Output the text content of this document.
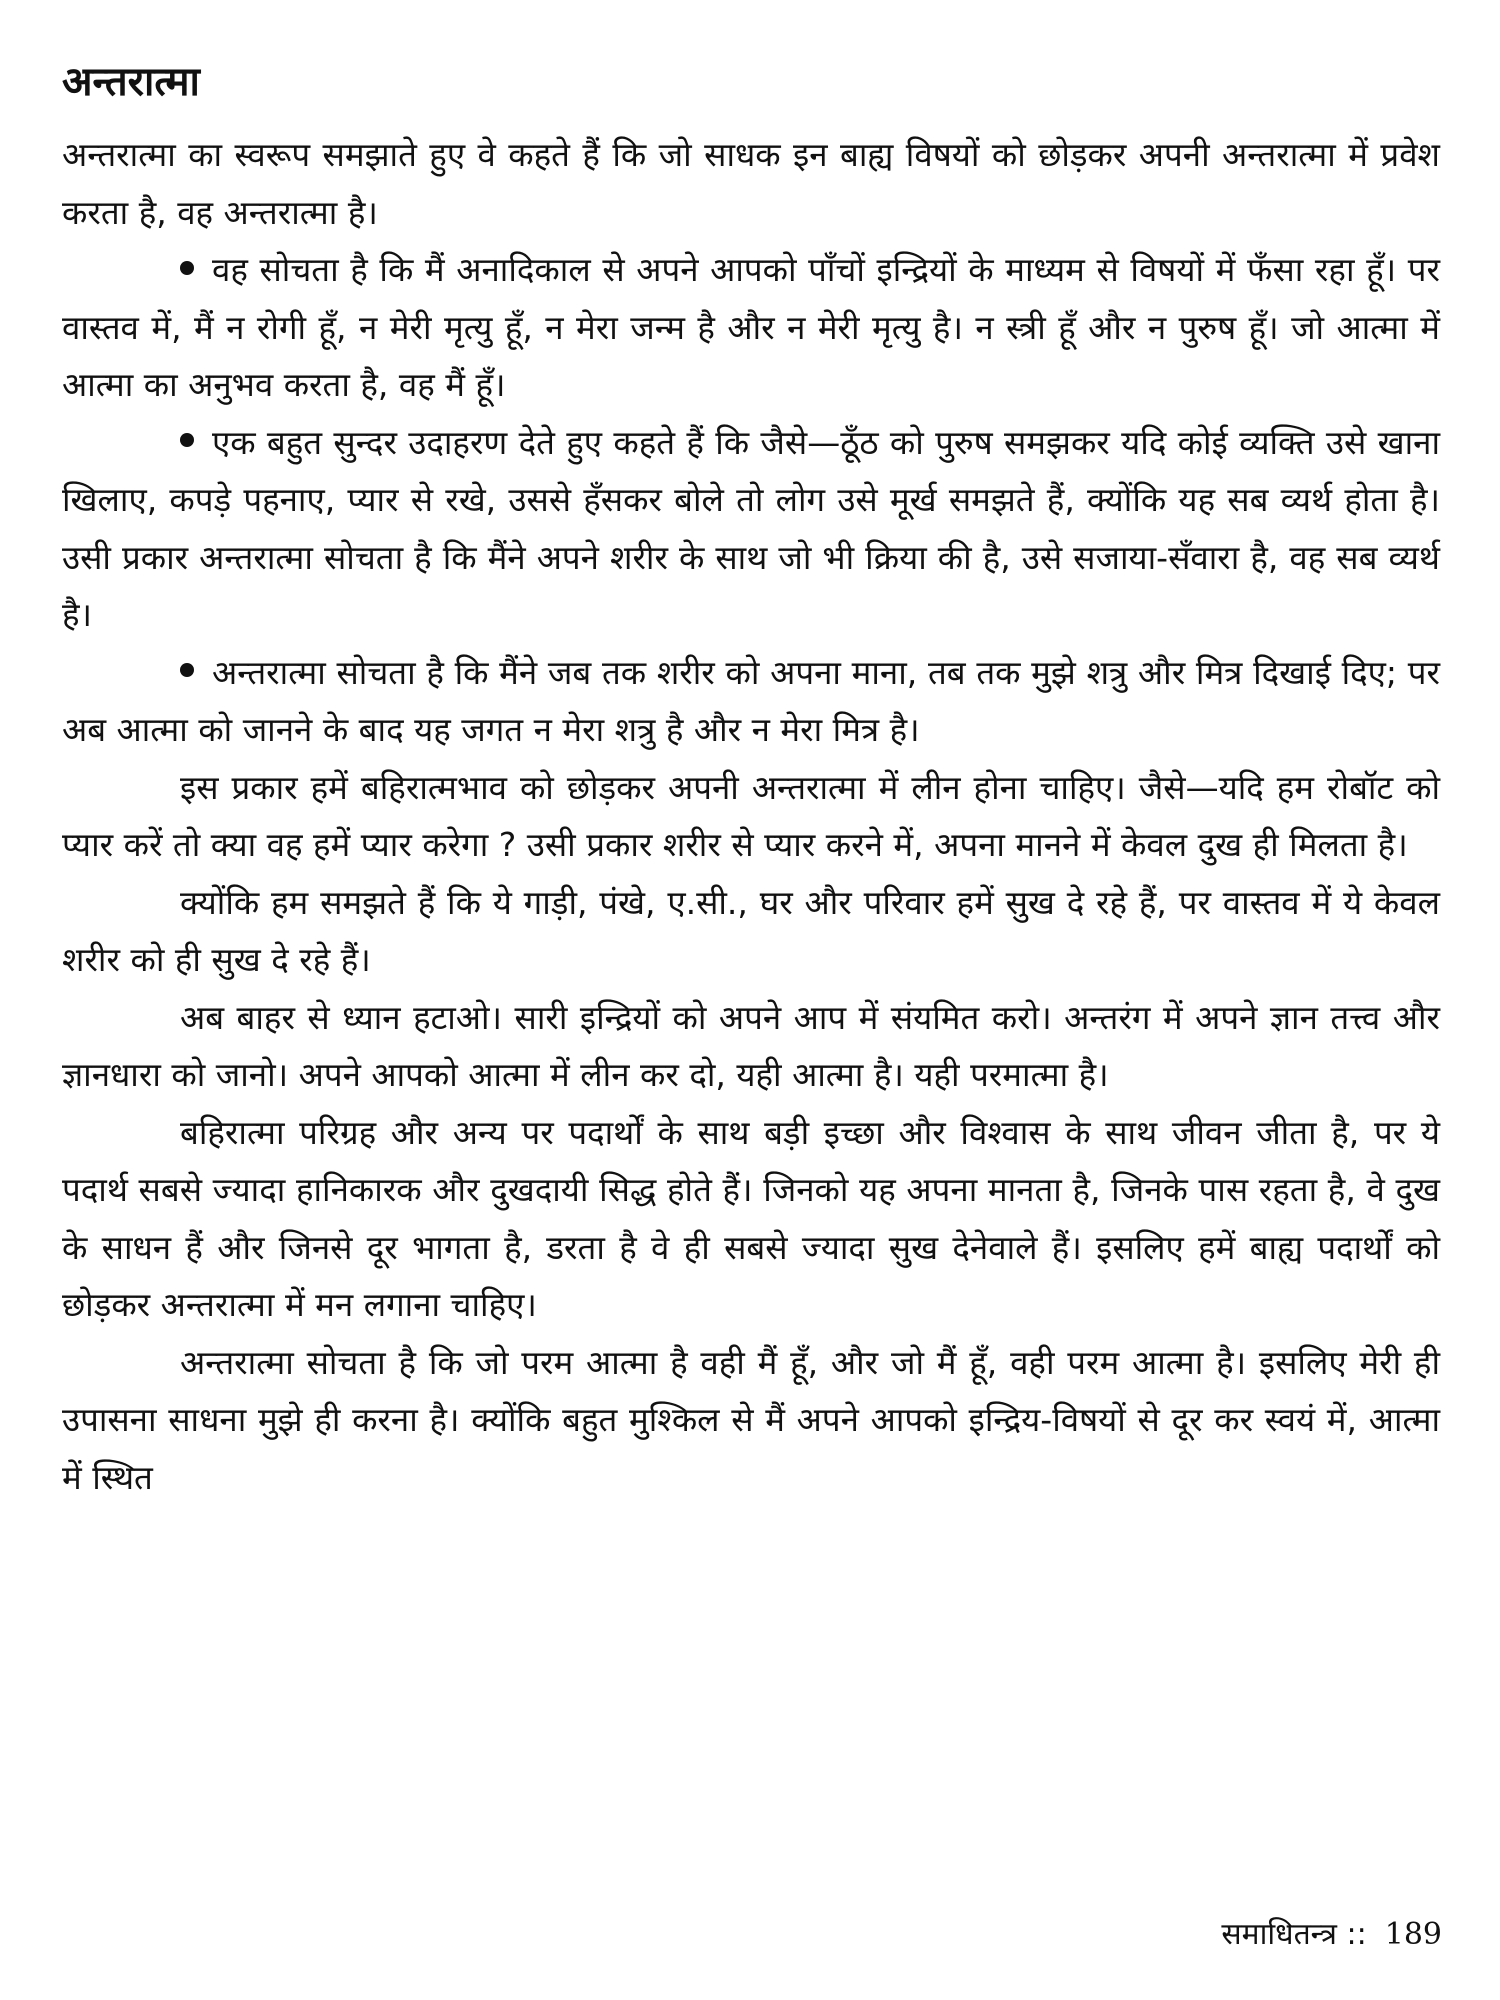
अन्तरात्मा

अन्तरात्मा का स्वरूप समझाते हुए वे कहते हैं कि जो साधक इन बाह्य विषयों को छोड़कर अपनी अन्तरात्मा में प्रवेश करता है, वह अन्तरात्मा है।

वह सोचता है कि मैं अनादिकाल से अपने आपको पाँचों इन्द्रियों के माध्यम से विषयों में फँसा रहा हूँ। पर वास्तव में, मैं न रोगी हूँ, न मेरी मृत्यु हूँ, न मेरा जन्म है और न मेरी मृत्यु है। न स्त्री हूँ और न पुरुष हूँ। जो आत्मा में आत्मा का अनुभव करता है, वह मैं हूँ।

एक बहुत सुन्दर उदाहरण देते हुए कहते हैं कि जैसे—ठूँठ को पुरुष समझकर यदि कोई व्यक्ति उसे खाना खिलाए, कपड़े पहनाए, प्यार से रखे, उससे हँसकर बोले तो लोग उसे मूर्ख समझते हैं, क्योंकि यह सब व्यर्थ होता है। उसी प्रकार अन्तरात्मा सोचता है कि मैंने अपने शरीर के साथ जो भी क्रिया की है, उसे सजाया-सँवारा है, वह सब व्यर्थ है।

अन्तरात्मा सोचता है कि मैंने जब तक शरीर को अपना माना, तब तक मुझे शत्रु और मित्र दिखाई दिए; पर अब आत्मा को जानने के बाद यह जगत न मेरा शत्रु है और न मेरा मित्र है।

इस प्रकार हमें बहिरात्मभाव को छोड़कर अपनी अन्तरात्मा में लीन होना चाहिए। जैसे—यदि हम रोबॉट को प्यार करें तो क्या वह हमें प्यार करेगा ? उसी प्रकार शरीर से प्यार करने में, अपना मानने में केवल दुख ही मिलता है।

क्योंकि हम समझते हैं कि ये गाड़ी, पंखे, ए.सी., घर और परिवार हमें सुख दे रहे हैं, पर वास्तव में ये केवल शरीर को ही सुख दे रहे हैं।

अब बाहर से ध्यान हटाओ। सारी इन्द्रियों को अपने आप में संयमित करो। अन्तरंग में अपने ज्ञान तत्त्व और ज्ञानधारा को जानो। अपने आपको आत्मा में लीन कर दो, यही आत्मा है। यही परमात्मा है।

बहिरात्मा परिग्रह और अन्य पर पदार्थों के साथ बड़ी इच्छा और विश्वास के साथ जीवन जीता है, पर ये पदार्थ सबसे ज्यादा हानिकारक और दुखदायी सिद्ध होते हैं। जिनको यह अपना मानता है, जिनके पास रहता है, वे दुख के साधन हैं और जिनसे दूर भागता है, डरता है वे ही सबसे ज्यादा सुख देनेवाले हैं। इसलिए हमें बाह्य पदार्थों को छोड़कर अन्तरात्मा में मन लगाना चाहिए।

अन्तरात्मा सोचता है कि जो परम आत्मा है वही मैं हूँ, और जो मैं हूँ, वही परम आत्मा है। इसलिए मेरी ही उपासना साधना मुझे ही करना है। क्योंकि बहुत मुश्किल से मैं अपने आपको इन्द्रिय-विषयों से दूर कर स्वयं में, आत्मा में स्थित

समाधितन्त्र :: 189
